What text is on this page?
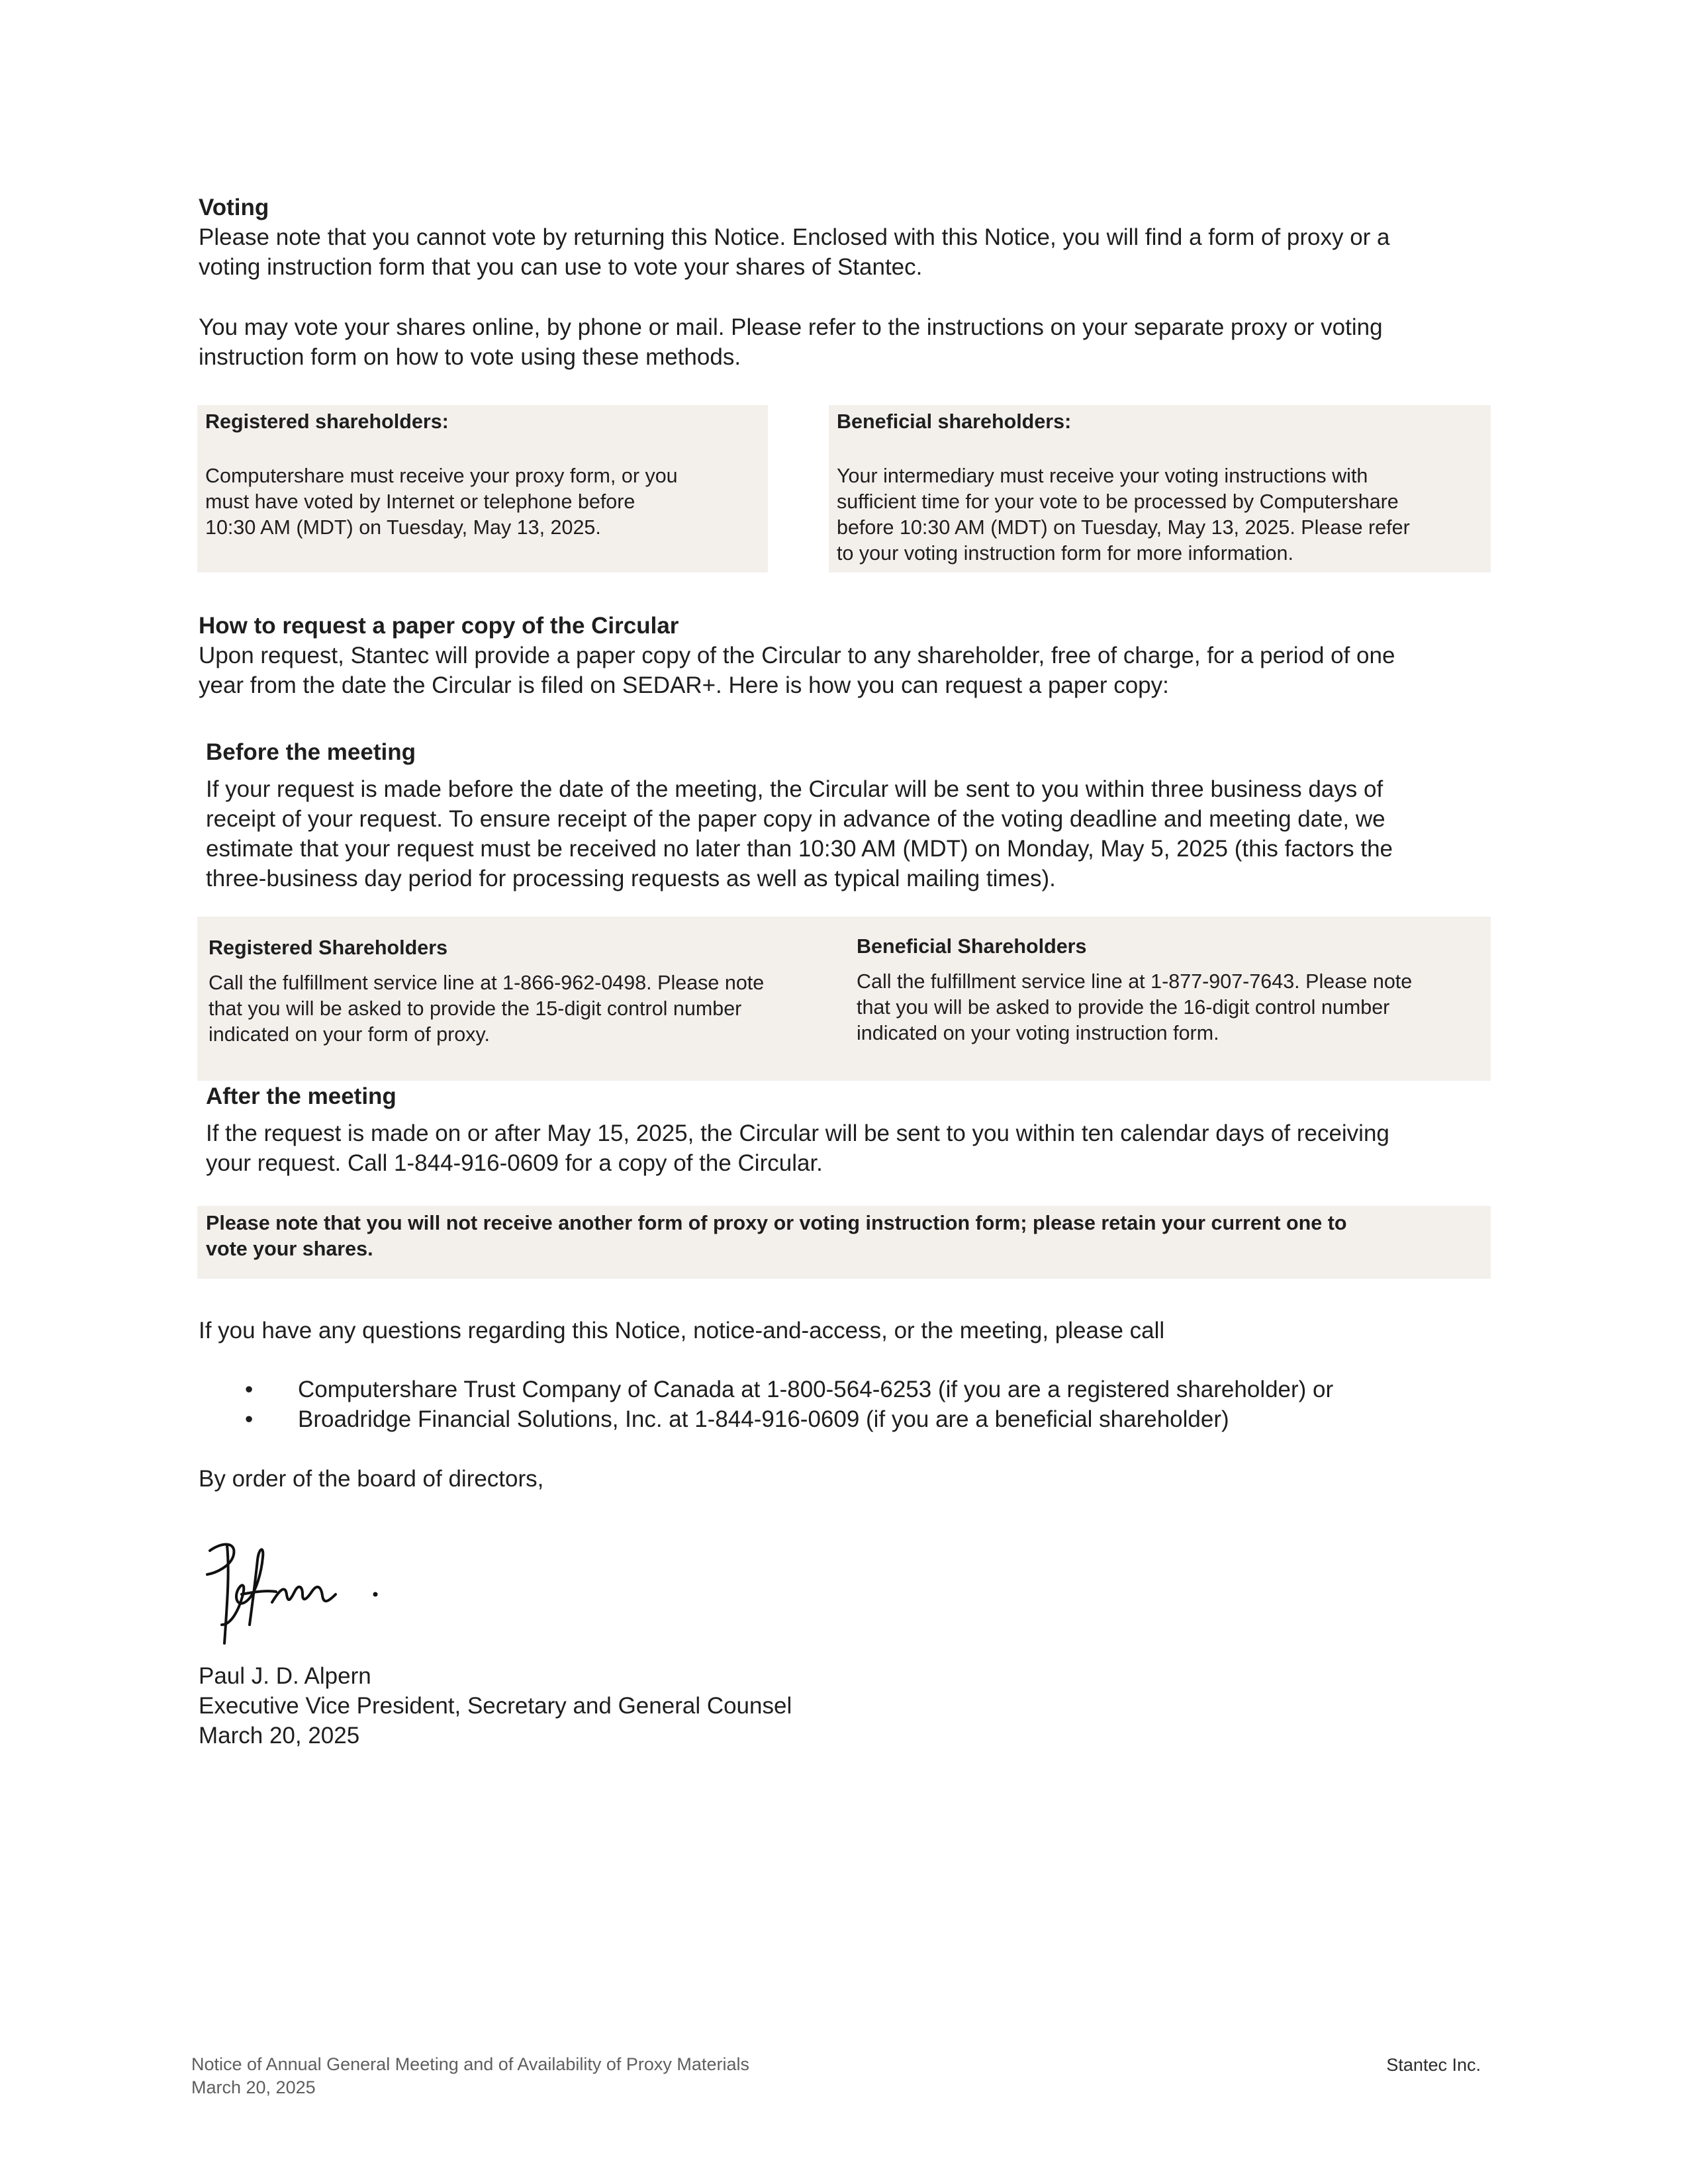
Voting
Please note that you cannot vote by returning this Notice. Enclosed with this Notice, you will find a form of proxy or a
voting instruction form that you can use to vote your shares of Stantec.
You may vote your shares online, by phone or mail. Please refer to the instructions on your separate proxy or voting
instruction form on how to vote using these methods.
Registered shareholders:
Computershare must receive your proxy form, or you
must have voted by Internet or telephone before
10:30 AM (MDT) on Tuesday, May 13, 2025.
Beneficial shareholders:
Your intermediary must receive your voting instructions with
sufficient time for your vote to be processed by Computershare
before 10:30 AM (MDT) on Tuesday, May 13, 2025. Please refer
to your voting instruction form for more information.
How to request a paper copy of the Circular
Upon request, Stantec will provide a paper copy of the Circular to any shareholder, free of charge, for a period of one
year from the date the Circular is filed on SEDAR+. Here is how you can request a paper copy:
Before the meeting
If your request is made before the date of the meeting, the Circular will be sent to you within three business days of
receipt of your request. To ensure receipt of the paper copy in advance of the voting deadline and meeting date, we
estimate that your request must be received no later than 10:30 AM (MDT) on Monday, May 5, 2025 (this factors the
three-business day period for processing requests as well as typical mailing times).
Registered Shareholders
Call the fulfillment service line at 1-866-962-0498. Please note
that you will be asked to provide the 15-digit control number
indicated on your form of proxy.
Beneficial Shareholders
Call the fulfillment service line at 1-877-907-7643. Please note
that you will be asked to provide the 16-digit control number
indicated on your voting instruction form.
After the meeting
If the request is made on or after May 15, 2025, the Circular will be sent to you within ten calendar days of receiving
your request. Call 1-844-916-0609 for a copy of the Circular.
Please note that you will not receive another form of proxy or voting instruction form; please retain your current one to
vote your shares.
If you have any questions regarding this Notice, notice-and-access, or the meeting, please call
• Computershare Trust Company of Canada at 1-800-564-6253 (if you are a registered shareholder) or
• Broadridge Financial Solutions, Inc. at 1-844-916-0609 (if you are a beneficial shareholder)
By order of the board of directors,
Paul J. D. Alpern
Executive Vice President, Secretary and General Counsel
March 20, 2025
Notice of Annual General Meeting and of Availability of Proxy Materials
March 20, 2025
Stantec Inc.
